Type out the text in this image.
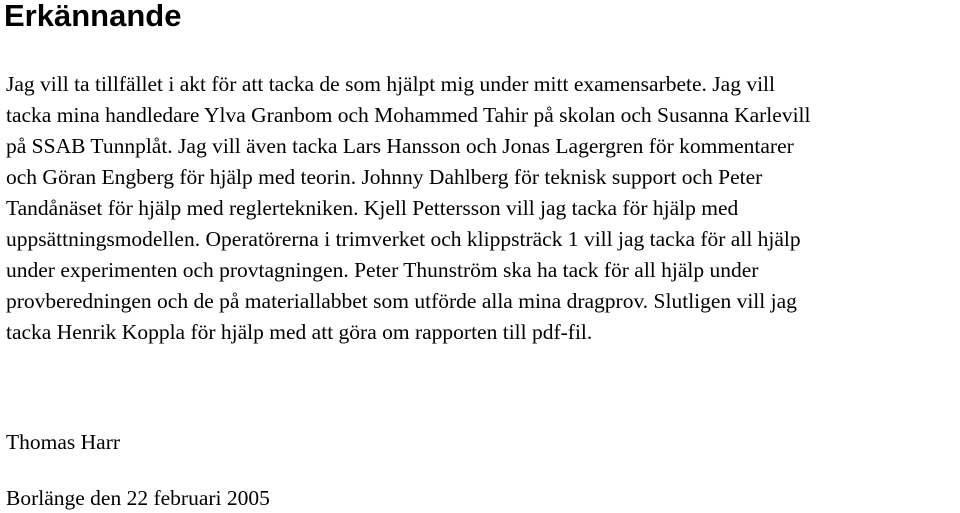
Erkännande

Jag vill ta tillfället i akt för att tacka de som hjälpt mig under mitt examensarbete. Jag vill
tacka mina handledare Ylva Granbom och Mohammed Tahir på skolan och Susanna Karlevill
på SSAB Tunnplåt. Jag vill även tacka Lars Hansson och Jonas Lagergren för kommentarer
och Göran Engberg för hjälp med teorin. Johnny Dahlberg för teknisk support och Peter
Tandånäset för hjälp med reglertekniken. Kjell Pettersson vill jag tacka för hjälp med
uppsättningsmodellen. Operatörerna i trimverket och klippsträck 1 vill jag tacka för all hjälp
under experimenten och provtagningen. Peter Thunström ska ha tack för all hjälp under
provberedningen och de på materiallabbet som utförde alla mina dragprov. Slutligen vill jag
tacka Henrik Koppla för hjälp med att göra om rapporten till pdf-fil.

Thomas Harr

Borlänge den 22 februari 2005
